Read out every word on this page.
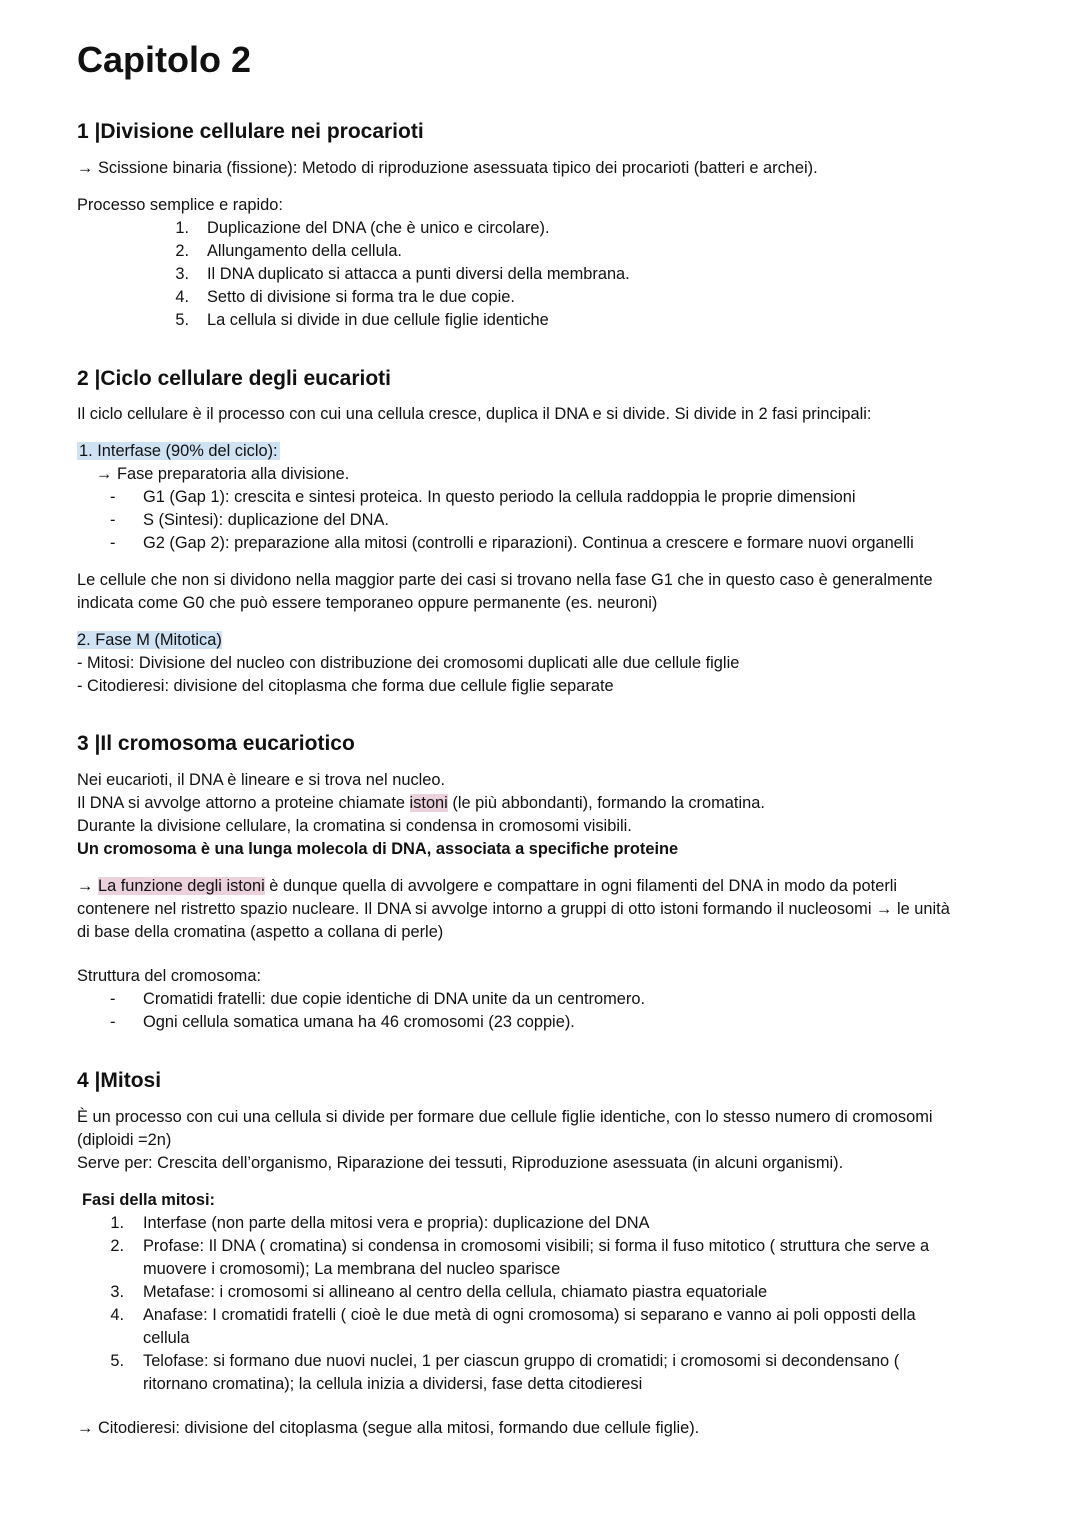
Capitolo 2
1 |Divisione cellulare nei procarioti

→ Scissione binaria (fissione): Metodo di riproduzione asessuata tipico dei procarioti (batteri e archei).

Processo semplice e rapido:

1. Duplicazione del DNA (che è unico e circolare).
2. Allungamento della cellula.
3. Il DNA duplicato si attacca a punti diversi della membrana.
4. Setto di divisione si forma tra le due copie.
5. La cellula si divide in due cellule figlie identiche
2 |Ciclo cellulare degli eucarioti

Il ciclo cellulare è il processo con cui una cellula cresce, duplica il DNA e si divide. Si divide in 2 fasi principali:

1. Interfase (90% del ciclo):

→ Fase preparatoria alla divisione.

- G1 (Gap 1): crescita e sintesi proteica. In questo periodo la cellula raddoppia le proprie dimensioni
- S (Sintesi): duplicazione del DNA.
- G2 (Gap 2): preparazione alla mitosi (controlli e riparazioni). Continua a crescere e formare nuovi organelli

Le cellule che non si dividono nella maggior parte dei casi si trovano nella fase G1 che in questo caso è generalmente

indicata come G0 che può essere temporaneo oppure permanente (es. neuroni)

2. Fase M (Mitotica)

- Mitosi: Divisione del nucleo con distribuzione dei cromosomi duplicati alle due cellule figlie

- Citodieresi: divisione del citoplasma che forma due cellule figlie separate

3 |Il cromosoma eucariotico

Nei eucarioti, il DNA è lineare e si trova nel nucleo.

Il DNA si avvolge attorno a proteine chiamate istoni (le più abbondanti), formando la cromatina.

Durante la divisione cellulare, la cromatina si condensa in cromosomi visibili.

Un cromosoma è una lunga molecola di DNA, associata a specifiche proteine

→ La funzione degli istoni è dunque quella di avvolgere e compattare in ogni filamenti del DNA in modo da poterli

contenere nel ristretto spazio nucleare. Il DNA si avvolge intorno a gruppi di otto istoni formando il nucleosomi → le unità

di base della cromatina (aspetto a collana di perle)

Struttura del cromosoma:

- Cromatidi fratelli: due copie identiche di DNA unite da un centromero.
- Ogni cellula somatica umana ha 46 cromosomi (23 coppie).
4 |Mitosi

È un processo con cui una cellula si divide per formare due cellule figlie identiche, con lo stesso numero di cromosomi

(diploidi =2n)

Serve per: Crescita dell’organismo, Riparazione dei tessuti, Riproduzione asessuata (in alcuni organismi).

Fasi della mitosi:

1. Interfase (non parte della mitosi vera e propria): duplicazione del DNA
2. Profase: Il DNA ( cromatina) si condensa in cromosomi visibili; si forma il fuso mitotico ( struttura che serve a
muovere i cromosomi); La membrana del nucleo sparisce
3. Metafase: i cromosomi si allineano al centro della cellula, chiamato piastra equatoriale
4. Anafase: I cromatidi fratelli ( cioè le due metà di ogni cromosoma) si separano e vanno ai poli opposti della
cellula
5. Telofase: si formano due nuovi nuclei, 1 per ciascun gruppo di cromatidi; i cromosomi si decondensano (
ritornano cromatina); la cellula inizia a dividersi, fase detta citodieresi

→ Citodieresi: divisione del citoplasma (segue alla mitosi, formando due cellule figlie).
